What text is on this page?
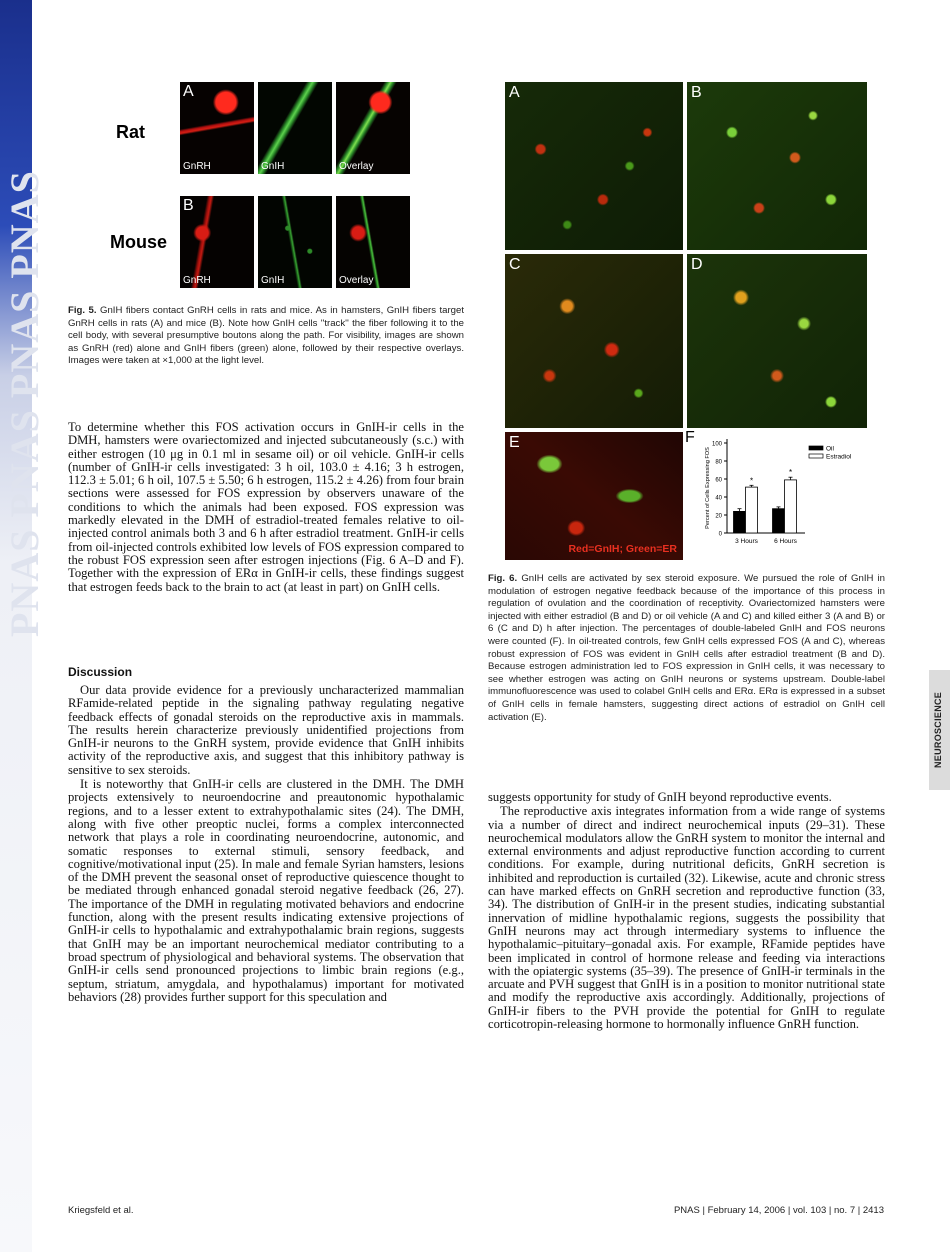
PNAS PNAS PNAS PNAS
Rat
Mouse
A
GnRH	GnIH	Overlay
B
GnRH	GnIH	Overlay
Fig. 5. GnIH fibers contact GnRH cells in rats and mice. As in hamsters, GnIH fibers target GnRH cells in rats (A) and mice (B). Note how GnIH cells ''track'' the fiber following it to the cell body, with several presumptive boutons along the path. For visibility, images are shown as GnRH (red) alone and GnIH fibers (green) alone, followed by their respective overlays. Images were taken at ×1,000 at the light level.

To determine whether this FOS activation occurs in GnIH-ir cells in the DMH, hamsters were ovariectomized and injected subcutaneously (s.c.) with either estrogen (10 μg in 0.1 ml in sesame oil) or oil vehicle. GnIH-ir cells (number of GnIH-ir cells investigated: 3 h oil, 103.0 ± 4.16; 3 h estrogen, 112.3 ± 5.01; 6 h oil, 107.5 ± 5.50; 6 h estrogen, 115.2 ± 4.26) from four brain sections were assessed for FOS expression by observers unaware of the conditions to which the animals had been exposed. FOS expression was markedly elevated in the DMH of estradiol-treated females relative to oil-injected control animals both 3 and 6 h after estradiol treatment. GnIH-ir cells from oil-injected controls exhibited low levels of FOS expression compared to the robust FOS expression seen after estrogen injections (Fig. 6 A–D and F). Together with the expression of ERα in GnIH-ir cells, these findings suggest that estrogen feeds back to the brain to act (at least in part) on GnIH cells.

Discussion

Our data provide evidence for a previously uncharacterized mammalian RFamide-related peptide in the signaling pathway regulating negative feedback effects of gonadal steroids on the reproductive axis in mammals. The results herein characterize previously unidentified projections from GnIH-ir neurons to the GnRH system, provide evidence that GnIH inhibits activity of the reproductive axis, and suggest that this inhibitory pathway is sensitive to sex steroids.

It is noteworthy that GnIH-ir cells are clustered in the DMH. The DMH projects extensively to neuroendocrine and preautonomic hypothalamic regions, and to a lesser extent to extrahypothalamic sites (24). The DMH, along with five other preoptic nuclei, forms a complex interconnected network that plays a role in coordinating neuroendocrine, autonomic, and somatic responses to external stimuli, sensory feedback, and cognitive/motivational input (25). In male and female Syrian hamsters, lesions of the DMH prevent the seasonal onset of reproductive quiescence thought to be mediated through enhanced gonadal steroid negative feedback (26, 27). The importance of the DMH in regulating motivated behaviors and endocrine function, along with the present results indicating extensive projections of GnIH-ir cells to hypothalamic and extrahypothalamic brain regions, suggests that GnIH may be an important neurochemical mediator contributing to a broad spectrum of physiological and behavioral systems. The observation that GnIH-ir cells send pronounced projections to limbic brain regions (e.g., septum, striatum, amygdala, and hypothalamus) important for motivated behaviors (28) provides further support for this speculation and

A	B
C	D
E
Red=GnIH; Green=ER
F
0
20
40
60
80
100
Percent of Cells Expressing FOS	*
3 Hours
*
6 Hours
Oil
Estradiol
Fig. 6. GnIH cells are activated by sex steroid exposure. We pursued the role of GnIH in modulation of estrogen negative feedback because of the importance of this process in regulation of ovulation and the coordination of receptivity. Ovariectomized hamsters were injected with either estradiol (B and D) or oil vehicle (A and C) and killed either 3 (A and B) or 6 (C and D) h after injection. The percentages of double-labeled GnIH and FOS neurons were counted (F). In oil-treated controls, few GnIH cells expressed FOS (A and C), whereas robust expression of FOS was evident in GnIH cells after estradiol treatment (B and D). Because estrogen administration led to FOS expression in GnIH cells, it was necessary to see whether estrogen was acting on GnIH neurons or systems upstream. Double-label immunofluorescence was used to colabel GnIH cells and ERα. ERα is expressed in a subset of GnIH cells in female hamsters, suggesting direct actions of estradiol on GnIH cell activation (E).

suggests opportunity for study of GnIH beyond reproductive events.

The reproductive axis integrates information from a wide range of systems via a number of direct and indirect neurochemical inputs (29–31). These neurochemical modulators allow the GnRH system to monitor the internal and external environments and adjust reproductive function according to current conditions. For example, during nutritional deficits, GnRH secretion is inhibited and reproduction is curtailed (32). Likewise, acute and chronic stress can have marked effects on GnRH secretion and reproductive function (33, 34). The distribution of GnIH-ir in the present studies, indicating substantial innervation of midline hypothalamic regions, suggests the possibility that GnIH neurons may act through intermediary systems to influence the hypothalamic–pituitary–gonadal axis. For example, RFamide peptides have been implicated in control of hormone release and feeding via interactions with the opiatergic systems (35–39). The presence of GnIH-ir terminals in the arcuate and PVH suggest that GnIH is in a position to monitor nutritional state and modify the reproductive axis accordingly. Additionally, projections of GnIH-ir fibers to the PVH provide the potential for GnIH to regulate corticotropin-releasing hormone to hormonally influence GnRH function.

NEUROSCIENCE
Kriegsfeld et al.	PNAS | February 14, 2006 | vol. 103 | no. 7 | 2413
